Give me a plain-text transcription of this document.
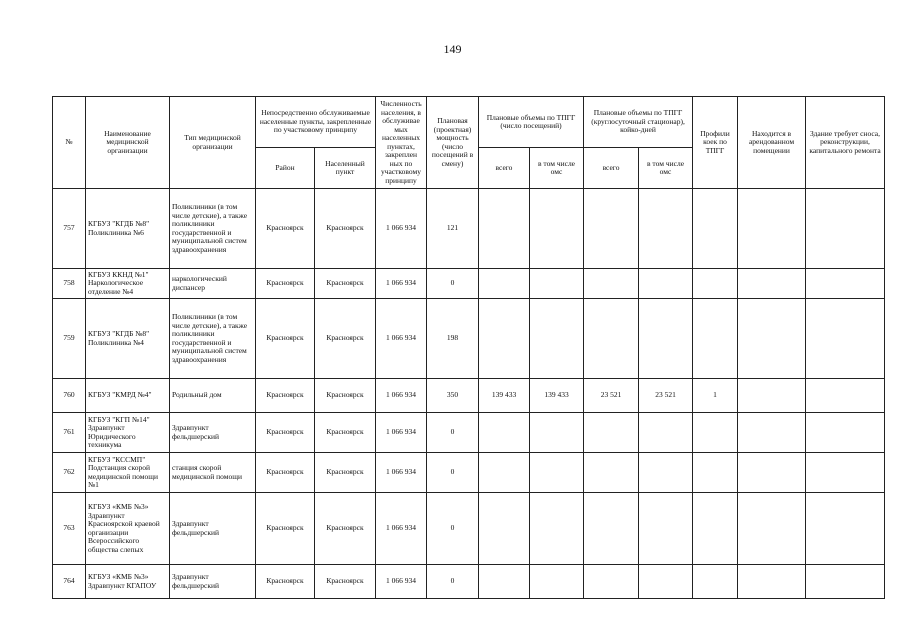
149
№	Наименование медицинской организации	Тип медицинской организации	Непосредственно обслуживаемые населенные пункты, закрепленные по участковому принципу		Численность населения, в обслуживае мых населенных пунктах, закреплен ных по участковому принципу	Плановая (проектная) мощность (число посещений в смену)	Плановые объемы по ТПГГ (число посещений)		Плановые объемы по ТПГГ (круглосуточный стационар), койко-дней		Профили коек по ТПГГ	Находится в арендованном помещении	Здание требует сноса, реконструкции, капитального ремонта
			Район	Населенный пункт			всего	в том числе омс	всего	в том числе омс			
757	КГБУЗ "КГДБ №8" Поликлиника №6	Поликлиники (в том числе детские), а также поликлиники государственной и муниципальной систем здравоохранения	Красноярск	Красноярск	1 066 934	121							
758	КГБУЗ ККНД №1" Наркологическое отделение №4	наркологический диспансер	Красноярск	Красноярск	1 066 934	0							
759	КГБУЗ "КГДБ №8" Поликлиника №4	Поликлиники (в том числе детские), а также поликлиники государственной и муниципальной систем здравоохранения	Красноярск	Красноярск	1 066 934	198							
760	КГБУЗ "КМРД №4"	Родильный дом	Красноярск	Красноярск	1 066 934	350	139 433	139 433	23 521	23 521	1		
761	КГБУЗ "КГП №14" Здравпункт Юридического техникума	Здравпункт фельдшерский	Красноярск	Красноярск	1 066 934	0							
762	КГБУЗ "КССМП" Подстанция скорой медицинской помощи №1	станция скорой медицинской помощи	Красноярск	Красноярск	1 066 934	0							
763	КГБУЗ «КМБ №3» Здравпункт Красноярской краевой организации Всероссийского общества слепых	Здравпункт фельдшерский	Красноярск	Красноярск	1 066 934	0							
764	КГБУЗ «КМБ №3» Здравпункт КГАПОУ	Здравпункт фельдшерский	Красноярск	Красноярск	1 066 934	0							
